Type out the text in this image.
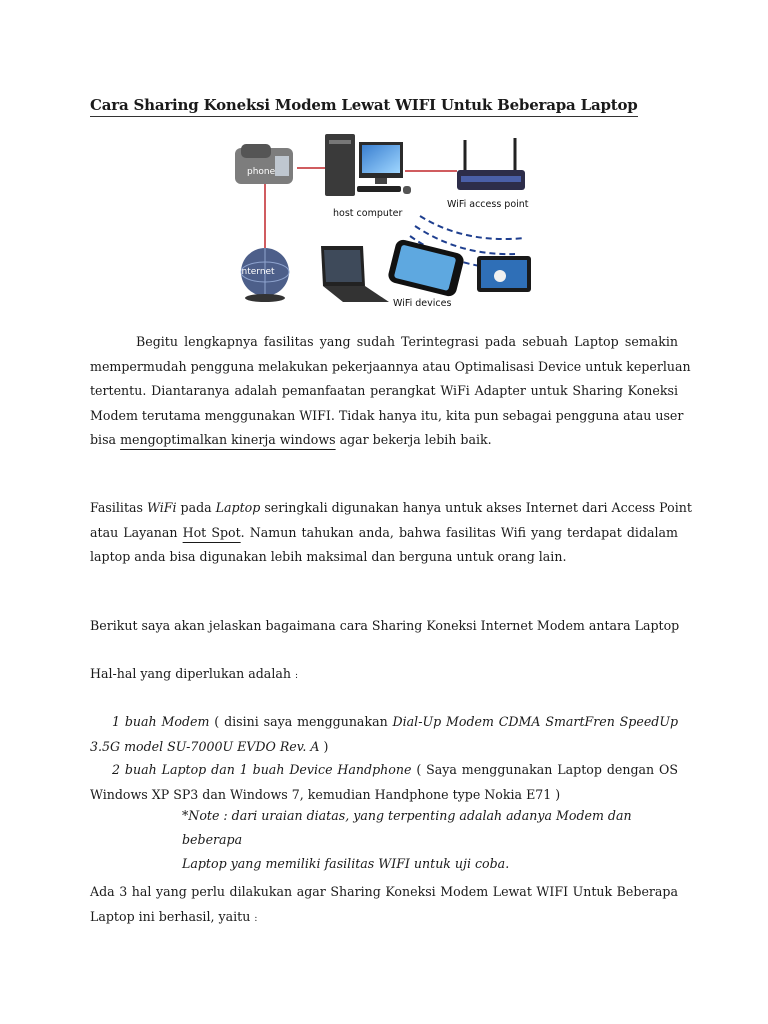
Cara Sharing Koneksi Modem Lewat WIFI Untuk Beberapa Laptop
phone
host computer
WiFi access point
internet
WiFi devices
Begitu lengkapnya fasilitas yang sudah Terintegrasi pada sebuah Laptop semakin
mempermudah pengguna melakukan pekerjaannya atau Optimalisasi Device untuk keperluan
tertentu. Diantaranya adalah pemanfaatan perangkat WiFi Adapter untuk Sharing Koneksi
Modem terutama menggunakan WIFI. Tidak hanya itu, kita pun sebagai pengguna atau user
bisa mengoptimalkan kinerja windows agar bekerja lebih baik.
Fasilitas WiFi pada Laptop seringkali digunakan hanya untuk akses Internet dari Access Point
atau Layanan Hot Spot. Namun tahukan anda, bahwa fasilitas Wifi yang terdapat didalam
laptop anda bisa digunakan lebih maksimal dan berguna untuk orang lain.
Berikut saya akan jelaskan bagaimana cara Sharing Koneksi Internet Modem antara Laptop
Hal-hal yang diperlukan adalah :
1 buah Modem ( disini saya menggunakan Dial-Up Modem CDMA SmartFren SpeedUp
3.5G model SU-7000U EVDO Rev. A )
2 buah Laptop dan 1 buah Device Handphone ( Saya menggunakan Laptop dengan OS
Windows XP SP3 dan Windows 7, kemudian Handphone type Nokia E71 )
*Note : dari uraian diatas, yang terpenting adalah adanya Modem dan beberapa
Laptop yang memiliki fasilitas WIFI untuk uji coba.
Ada 3 hal yang perlu dilakukan agar Sharing Koneksi Modem Lewat WIFI Untuk Beberapa
Laptop ini berhasil, yaitu :
